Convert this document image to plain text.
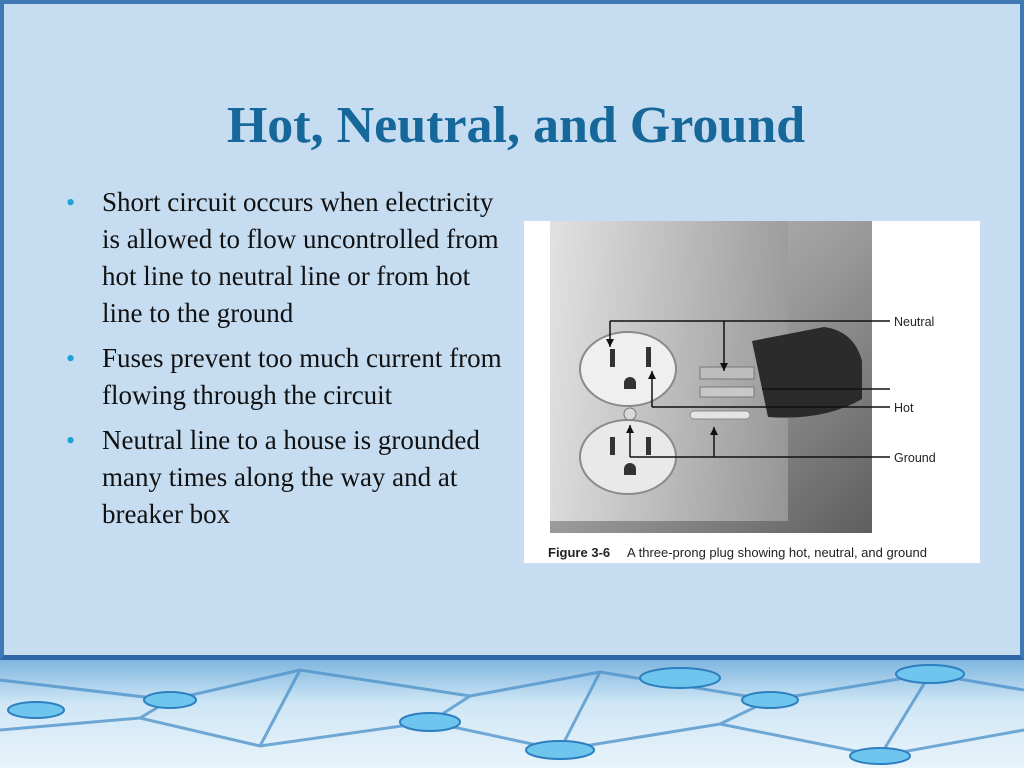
Hot, Neutral, and Ground
• Short circuit occurs when electricity is allowed to flow uncontrolled from hot line to neutral line or from hot line to the ground
• Fuses prevent too much current from flowing through the circuit
• Neutral line to a house is grounded many times along the way and at breaker box
Neutral
Hot
Ground
Figure 3-6 A three-prong plug showing hot, neutral, and ground
